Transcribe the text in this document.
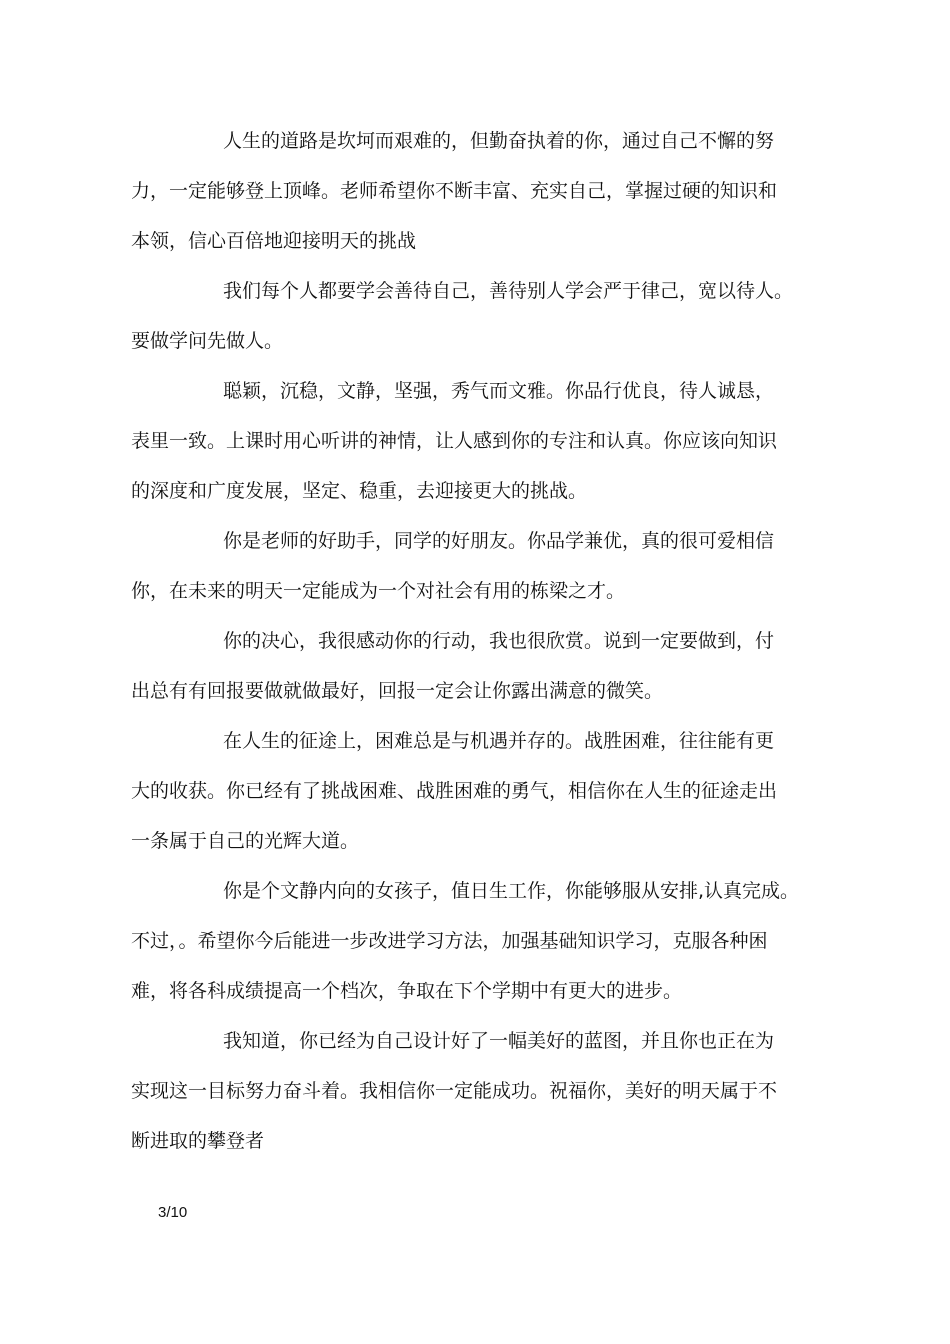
人生的道路是坎坷而艰难的，但勤奋执着的你，通过自己不懈的努
力，一定能够登上顶峰。老师希望你不断丰富、充实自己，掌握过硬的知识和
本领，信心百倍地迎接明天的挑战
我们每个人都要学会善待自己，善待别人学会严于律己，宽以待人。
要做学问先做人。
聪颖，沉稳，文静，坚强，秀气而文雅。你品行优良，待人诚恳，
表里一致。上课时用心听讲的神情，让人感到你的专注和认真。你应该向知识
的深度和广度发展，坚定、稳重，去迎接更大的挑战。
你是老师的好助手，同学的好朋友。你品学兼优，真的很可爱相信
你，在未来的明天一定能成为一个对社会有用的栋梁之才。
你的决心，我很感动你的行动，我也很欣赏。说到一定要做到，付
出总有有回报要做就做最好，回报一定会让你露出满意的微笑。
在人生的征途上，困难总是与机遇并存的。战胜困难，往往能有更
大的收获。你已经有了挑战困难、战胜困难的勇气，相信你在人生的征途走出
一条属于自己的光辉大道。
你是个文静内向的女孩子，值日生工作，你能够服从安排,认真完成。
不过，。希望你今后能进一步改进学习方法，加强基础知识学习，克服各种困
难，将各科成绩提高一个档次，争取在下个学期中有更大的进步。
我知道，你已经为自己设计好了一幅美好的蓝图，并且你也正在为
实现这一目标努力奋斗着。我相信你一定能成功。祝福你，美好的明天属于不
断进取的攀登者
3/10
